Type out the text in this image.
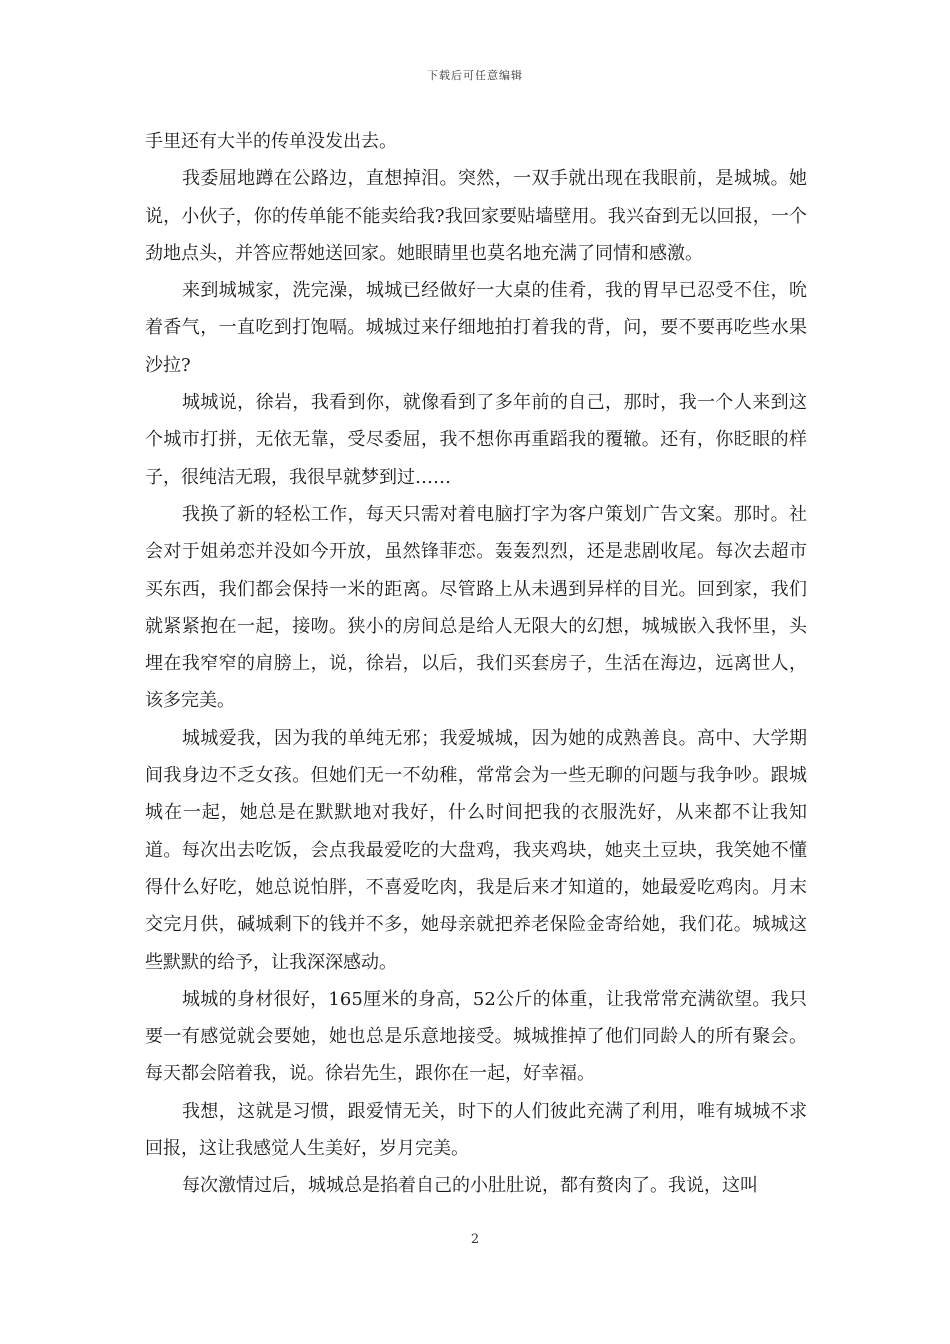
下载后可任意编辑

手里还有大半的传单没发出去。

我委屈地蹲在公路边，直想掉泪。突然，一双手就出现在我眼前，是城城。她说，小伙子，你的传单能不能卖给我?我回家要贴墙壁用。我兴奋到无以回报，一个劲地点头，并答应帮她送回家。她眼睛里也莫名地充满了同情和感激。

来到城城家，洗完澡，城城已经做好一大桌的佳肴，我的胃早已忍受不住，吮着香气，一直吃到打饱嗝。城城过来仔细地拍打着我的背，问，要不要再吃些水果沙拉?

城城说，徐岩，我看到你，就像看到了多年前的自己，那时，我一个人来到这个城市打拼，无依无靠，受尽委屈，我不想你再重蹈我的覆辙。还有，你眨眼的样子，很纯洁无瑕，我很早就梦到过……

我换了新的轻松工作，每天只需对着电脑打字为客户策划广告文案。那时。社会对于姐弟恋并没如今开放，虽然锋菲恋。轰轰烈烈，还是悲剧收尾。每次去超市买东西，我们都会保持一米的距离。尽管路上从未遇到异样的目光。回到家，我们就紧紧抱在一起，接吻。狭小的房间总是给人无限大的幻想，城城嵌入我怀里，头埋在我窄窄的肩膀上，说，徐岩，以后，我们买套房子，生活在海边，远离世人，该多完美。

城城爱我，因为我的单纯无邪；我爱城城，因为她的成熟善良。高中、大学期间我身边不乏女孩。但她们无一不幼稚，常常会为一些无聊的问题与我争吵。跟城城在一起，她总是在默默地对我好，什么时间把我的衣服洗好，从来都不让我知道。每次出去吃饭，会点我最爱吃的大盘鸡，我夹鸡块，她夹土豆块，我笑她不懂得什么好吃，她总说怕胖，不喜爱吃肉，我是后来才知道的，她最爱吃鸡肉。月末交完月供，碱城剩下的钱并不多，她母亲就把养老保险金寄给她，我们花。城城这些默默的给予，让我深深感动。

城城的身材很好，165厘米的身高，52公斤的体重，让我常常充满欲望。我只要一有感觉就会要她，她也总是乐意地接受。城城推掉了他们同龄人的所有聚会。每天都会陪着我，说。徐岩先生，跟你在一起，好幸福。

我想，这就是习惯，跟爱情无关，时下的人们彼此充满了利用，唯有城城不求回报，这让我感觉人生美好，岁月完美。

每次激情过后，城城总是掐着自己的小肚肚说，都有赘肉了。我说，这叫

2
